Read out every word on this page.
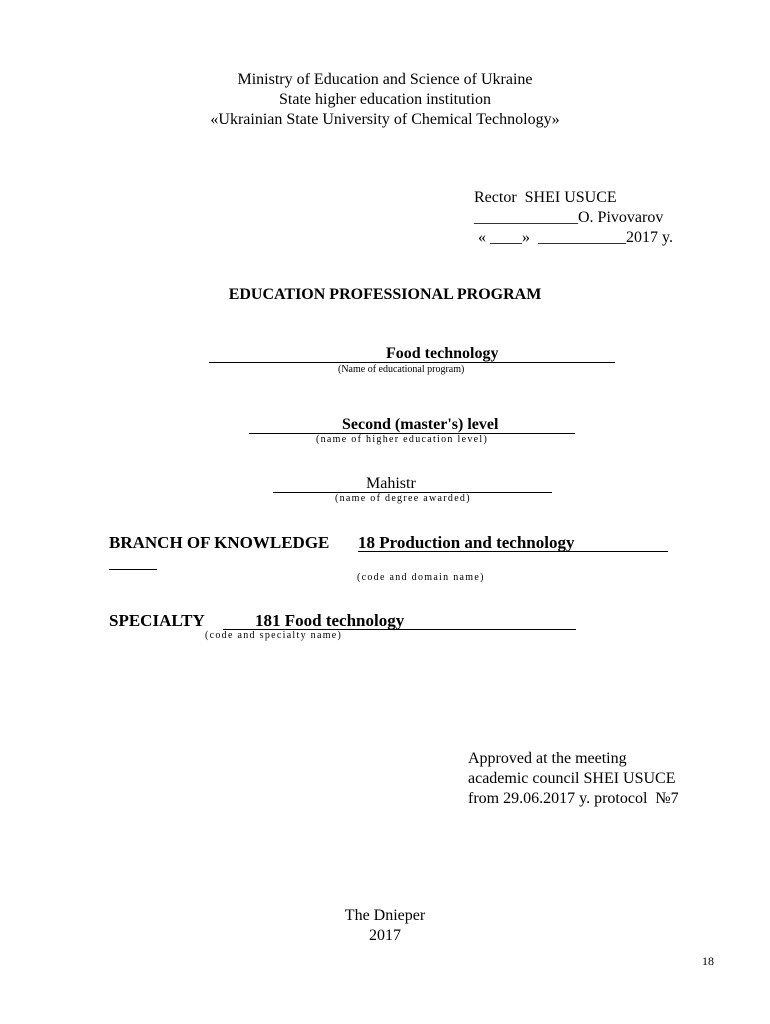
Ministry of Education and Science of Ukraine
State higher education institution
«Ukrainian State University of Chemical Technology»
Rector  SHEI USUCE
_____________O. Pivovarov
« ____»  ___________2017 y.
EDUCATION PROFESSIONAL PROGRAM
Food technology
(Name of educational program)
Second (master's) level
(name of higher education level)
Mahistr
(name of degree awarded)
BRANCH OF KNOWLEDGE 18 Production and technology
(code and domain name)
SPECIALTY	181 Food technology
(code and specialty name)
Approved at the meeting
academic council SHEI USUCE
from 29.06.2017 y. protocol  №7
The Dnieper
2017
18
